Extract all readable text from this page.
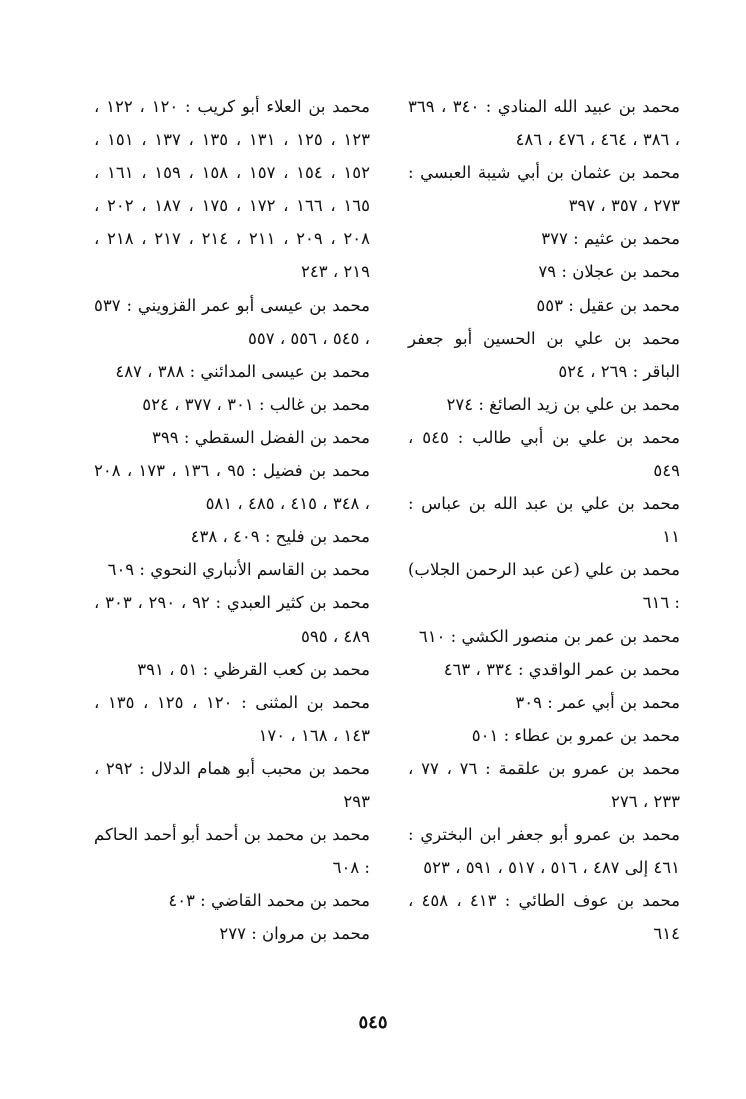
محمد بن عبيد الله المنادي : ٣٤٠ ، ٣٦٩ ، ٣٨٦ ، ٤٦٤ ، ٤٧٦ ، ٤٨٦

محمد بن عثمان بن أبي شيبة العبسي : ٢٧٣ ، ٣٥٧ ، ٣٩٧

محمد بن عثيم : ٣٧٧

محمد بن عجلان : ٧٩

محمد بن عقيل : ٥٥٣

محمد بن علي بن الحسين أبو جعفر الباقر : ٢٦٩ ، ٥٢٤

محمد بن علي بن زيد الصائغ : ٢٧٤

محمد بن علي بن أبي طالب : ٥٤٥ ، ٥٤٩

محمد بن علي بن عبد الله بن عباس : ١١

محمد بن علي (عن عبد الرحمن الجلاب) : ٦١٦

محمد بن عمر بن منصور الكشي : ٦١٠

محمد بن عمر الواقدي : ٣٣٤ ، ٤٦٣

محمد بن أبي عمر : ٣٠٩

محمد بن عمرو بن عطاء : ٥٠١

محمد بن عمرو بن علقمة : ٧٦ ، ٧٧ ، ٢٣٣ ، ٢٧٦

محمد بن عمرو أبو جعفر ابن البختري : ٤٦١ إلى ٤٨٧ ، ٥١٦ ، ٥١٧ ، ٥٩١ ، ٥٢٣

محمد بن عوف الطائي : ٤١٣ ، ٤٥٨ ، ٦١٤

محمد بن العلاء أبو كريب : ١٢٠ ، ١٢٢ ، ١٢٣ ، ١٢٥ ، ١٣١ ، ١٣٥ ، ١٣٧ ، ١٥١ ، ١٥٢ ، ١٥٤ ، ١٥٧ ، ١٥٨ ، ١٥٩ ، ١٦١ ، ١٦٥ ، ١٦٦ ، ١٧٢ ، ١٧٥ ، ١٨٧ ، ٢٠٢ ، ٢٠٨ ، ٢٠٩ ، ٢١١ ، ٢١٤ ، ٢١٧ ، ٢١٨ ، ٢١٩ ، ٢٤٣

محمد بن عيسى أبو عمر القزويني : ٥٣٧ ، ٥٤٥ ، ٥٥٦ ، ٥٥٧

محمد بن عيسى المدائني : ٣٨٨ ، ٤٨٧

محمد بن غالب : ٣٠١ ، ٣٧٧ ، ٥٢٤

محمد بن الفضل السقطي : ٣٩٩

محمد بن فضيل : ٩٥ ، ١٣٦ ، ١٧٣ ، ٢٠٨ ، ٣٤٨ ، ٤١٥ ، ٤٨٥ ، ٥٨١

محمد بن فليح : ٤٠٩ ، ٤٣٨

محمد بن القاسم الأنباري النحوي : ٦٠٩

محمد بن كثير العبدي : ٩٢ ، ٢٩٠ ، ٣٠٣ ، ٤٨٩ ، ٥٩٥

محمد بن كعب القرظي : ٥١ ، ٣٩١

محمد بن المثنى : ١٢٠ ، ١٢٥ ، ١٣٥ ، ١٤٣ ، ١٦٨ ، ١٧٠

محمد بن محبب أبو همام الدلال : ٢٩٢ ، ٢٩٣

محمد بن محمد بن أحمد أبو أحمد الحاكم : ٦٠٨

محمد بن محمد القاضي : ٤٠٣

محمد بن مروان : ٢٧٧

٥٤٥
